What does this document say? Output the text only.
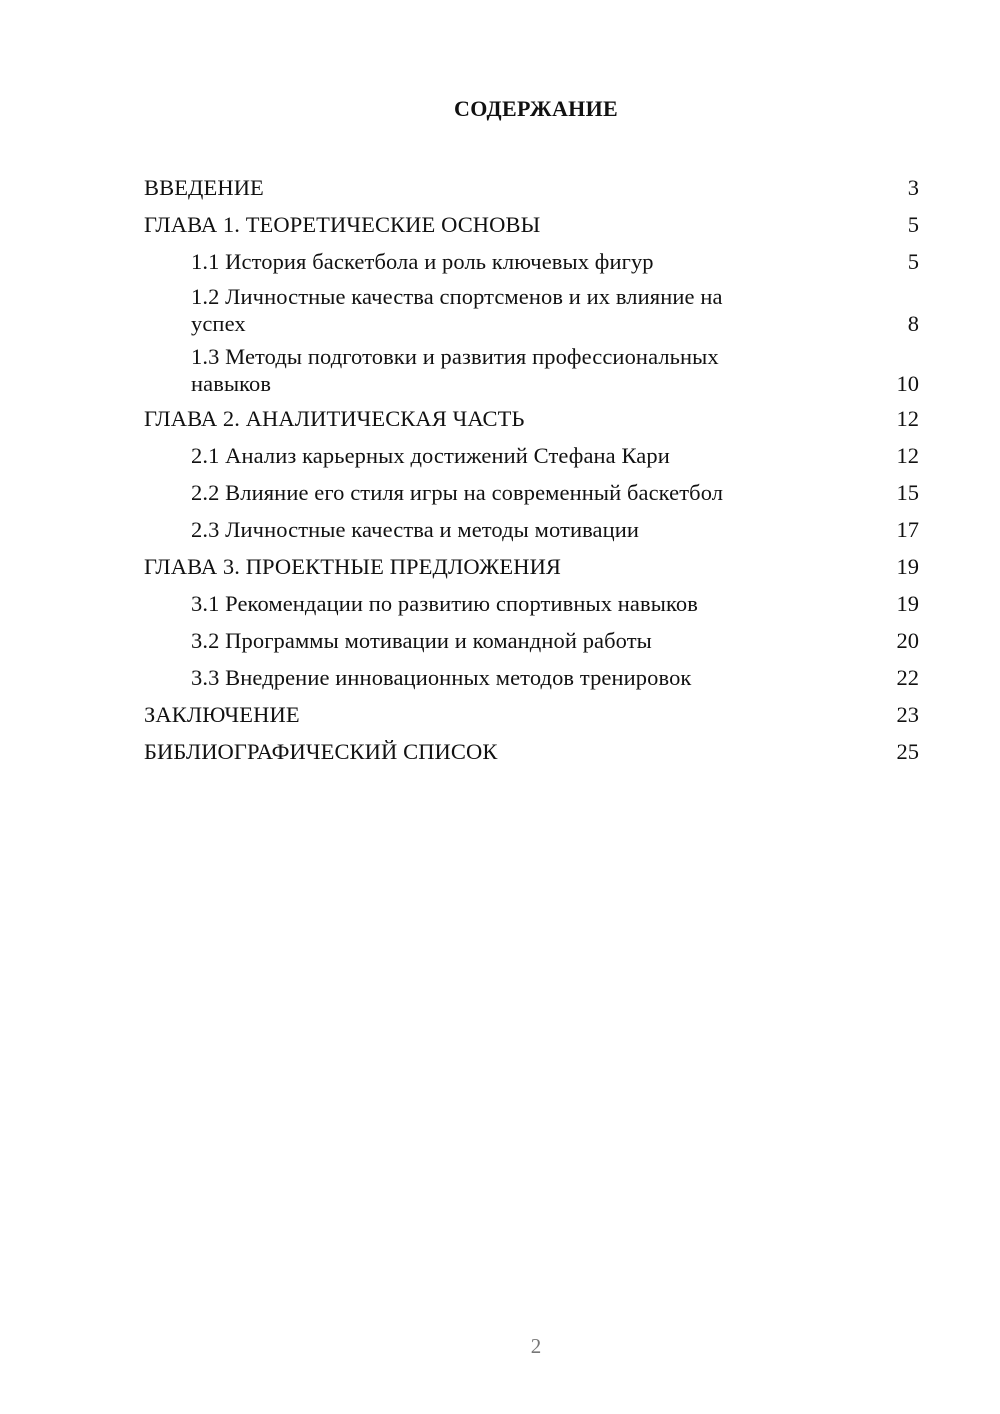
СОДЕРЖАНИЕ
ВВЕДЕНИЕ	3
ГЛАВА 1. ТЕОРЕТИЧЕСКИЕ ОСНОВЫ	5
1.1 История баскетбола и роль ключевых фигур	5
1.2 Личностные качества спортсменов и их влияние на успех	8
1.3 Методы подготовки и развития профессиональных навыков	10
ГЛАВА 2. АНАЛИТИЧЕСКАЯ ЧАСТЬ	12
2.1 Анализ карьерных достижений Стефана Кари	12
2.2 Влияние его стиля игры на современный баскетбол	15
2.3 Личностные качества и методы мотивации	17
ГЛАВА 3. ПРОЕКТНЫЕ ПРЕДЛОЖЕНИЯ	19
3.1 Рекомендации по развитию спортивных навыков	19
3.2 Программы мотивации и командной работы	20
3.3 Внедрение инновационных методов тренировок	22
ЗАКЛЮЧЕНИЕ	23
БИБЛИОГРАФИЧЕСКИЙ СПИСОК	25
2
